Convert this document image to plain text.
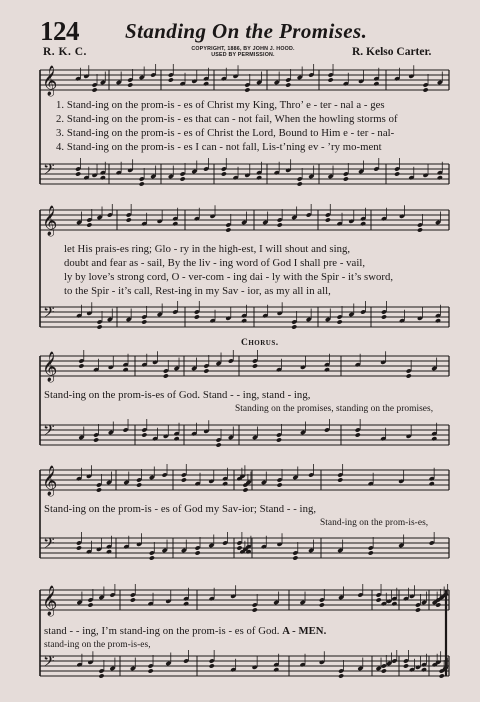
124 Standing On the Promises.
R. K. C.	COPYRIGHT, 1886, BY JOHN J. HOOD.
USED BY PERMISSION.	R. Kelso Carter.
𝄞
𝄢
𝄞
𝄢
𝄞
𝄢
𝄞
𝄢
𝄞
𝄢
1. Stand-ing on the prom-is - es of Christ my King, Thro’ e - ter - nal a - ges
2. Stand-ing on the prom-is - es that can - not fail, When the howling storms of
3. Stand-ing on the prom-is - es of Christ the Lord, Bound to Him e - ter - nal-
4. Stand-ing on the prom-is - es I can - not fall, Lis-t’ning ev - ’ry mo-ment
let His prais-es ring; Glo - ry in the high-est, I will shout and sing,
doubt and fear as - sail, By the liv - ing word of God I shall pre - vail,
ly by love’s strong cord, O - ver-com - ing dai - ly with the Spir - it’s sword,
to the Spir - it’s call, Rest-ing in my Sav - ior, as my all in all,
Chorus.
Stand-ing on the prom-is-es of God. Stand - - ing, stand - ing,
Standing on the promises, standing on the promises,
Stand-ing on the prom-is - es of God my Sav-ior; Stand - - ing,
Stand-ing on the prom-is-es,
stand - - ing, I’m stand-ing on the prom-is - es of God. A - MEN.
stand-ing on the prom-is-es,
